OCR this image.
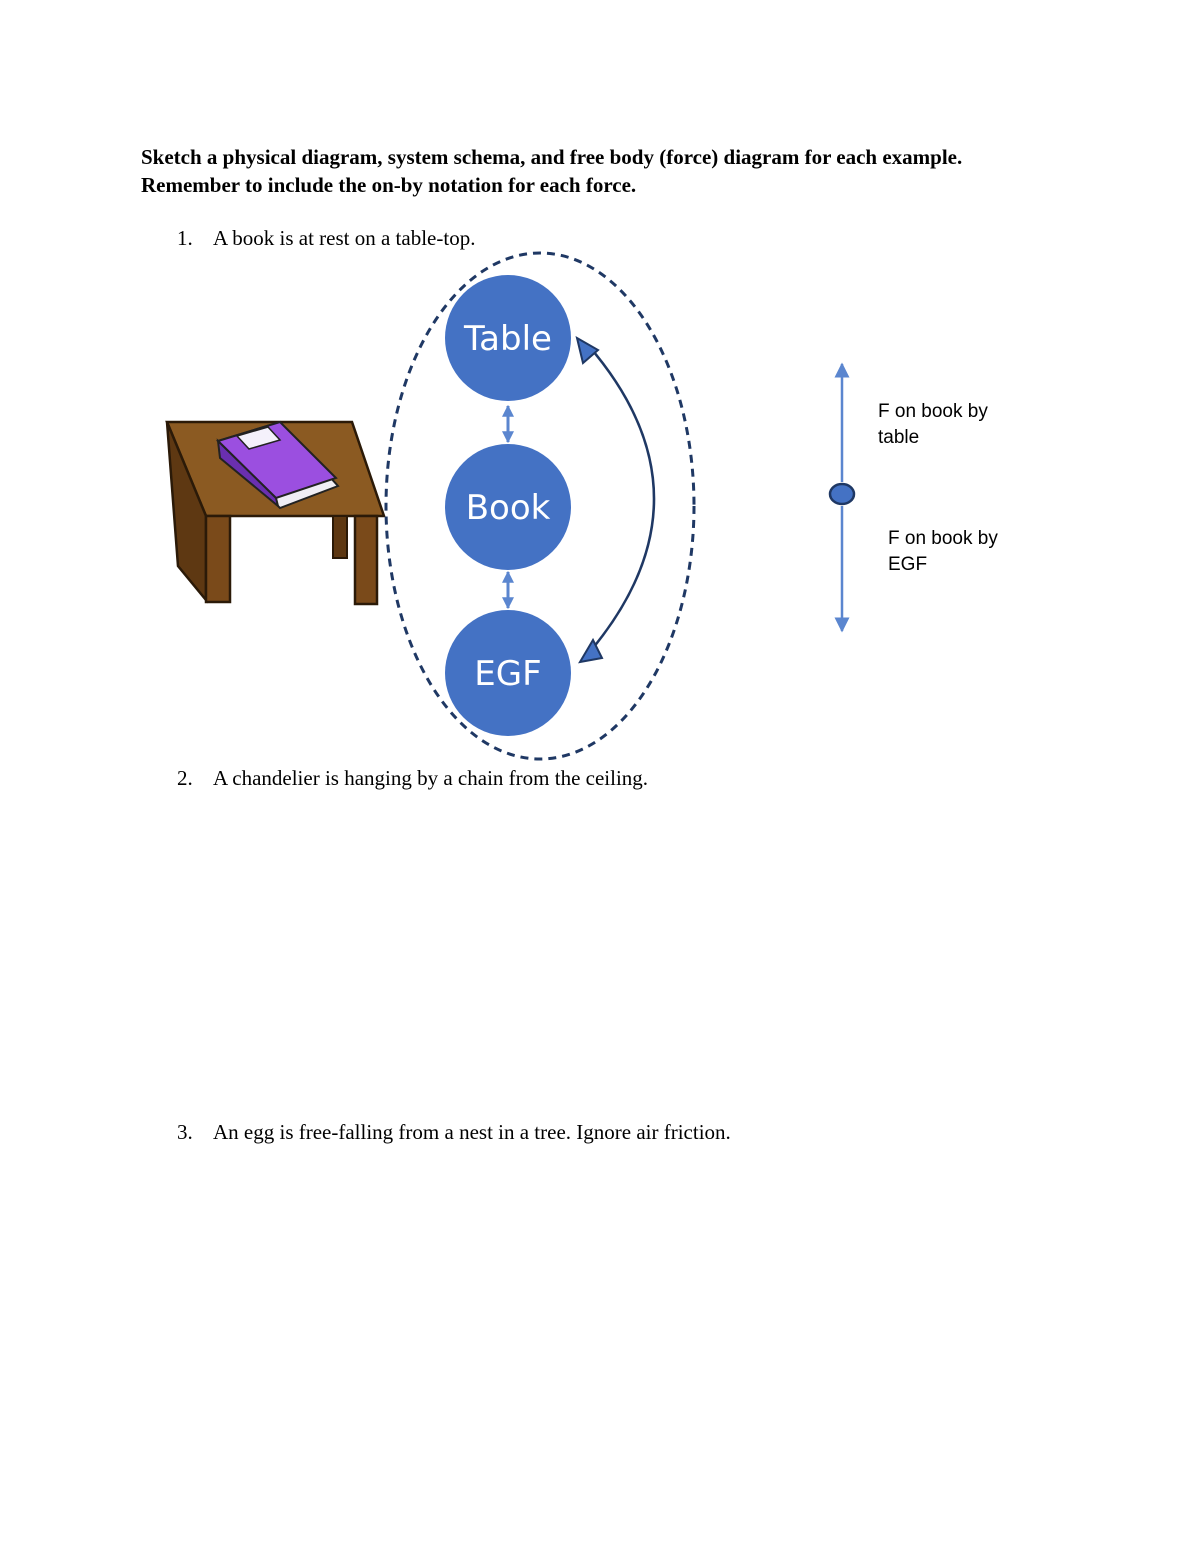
Sketch a physical diagram, system schema, and free body (force) diagram for each example. Remember to include the on-by notation for each force.
1. A book is at rest on a table-top.
2. A chandelier is hanging by a chain from the ceiling.
3. An egg is free-falling from a nest in a tree. Ignore air friction.
Table
Book
EGF
F on book by table
F on book by EGF
